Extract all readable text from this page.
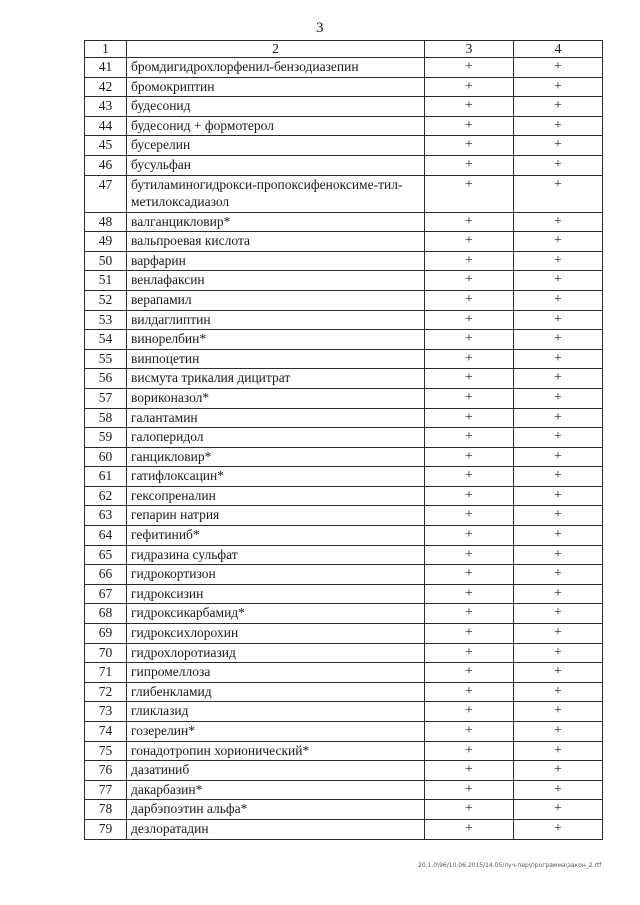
3
1	2	3	4
41	бромдигидрохлорфенил-бензодиазепин	+	+
42	бромокриптин	+	+
43	будесонид	+	+
44	будесонид + формотерол	+	+
45	бусерелин	+	+
46	бусульфан	+	+
47	бутиламиногидрокси-пропоксифеноксиме-тил-метилоксадиазол	+	+
48	валганцикловир*	+	+
49	вальпроевая кислота	+	+
50	варфарин	+	+
51	венлафаксин	+	+
52	верапамил	+	+
53	вилдаглиптин	+	+
54	винорелбин*	+	+
55	винпоцетин	+	+
56	висмута трикалия дицитрат	+	+
57	вориконазол*	+	+
58	галантамин	+	+
59	галоперидол	+	+
60	ганцикловир*	+	+
61	гатифлоксацин*	+	+
62	гексопреналин	+	+
63	гепарин натрия	+	+
64	гефитиниб*	+	+
65	гидразина сульфат	+	+
66	гидрокортизон	+	+
67	гидроксизин	+	+
68	гидроксикарбамид*	+	+
69	гидроксихлорохин	+	+
70	гидрохлоротиазид	+	+
71	гипромеллоза	+	+
72	глибенкламид	+	+
73	гликлазид	+	+
74	гозерелин*	+	+
75	гонадотропин хорионический*	+	+
76	дазатиниб	+	+
77	дакарбазин*	+	+
78	дарбэпоэтин альфа*	+	+
79	дезлоратадин	+	+
20.1.0\96/10.06.2015/14.05/луч-пер\программа\закон_2.rtf
